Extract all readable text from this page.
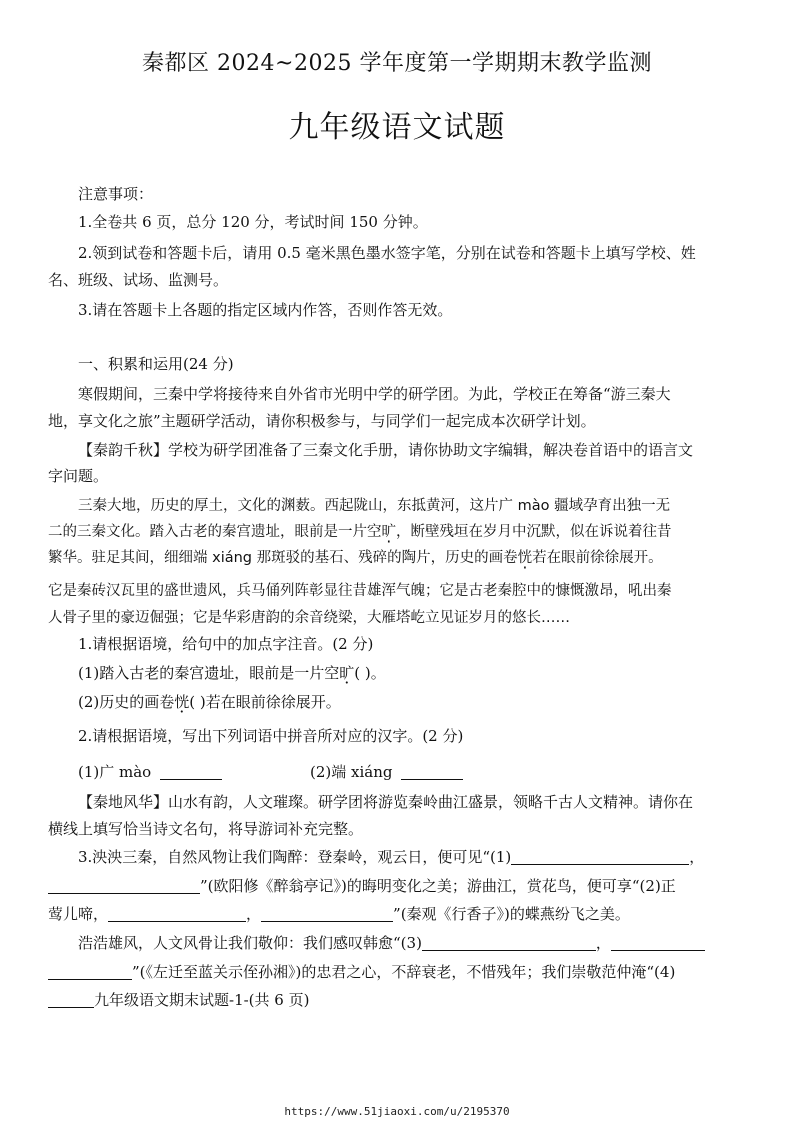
秦都区 2024~2025 学年度第一学期期末教学监测
九年级语文试题
注意事项：
1.全卷共 6 页，总分 120 分，考试时间 150 分钟。
2.领到试卷和答题卡后，请用 0.5 毫米黑色墨水签字笔，分别在试卷和答题卡上填写学校、姓
名、班级、试场、监测号。
3.请在答题卡上各题的指定区域内作答，否则作答无效。
一、积累和运用(24 分)
寒假期间，三秦中学将接待来自外省市光明中学的研学团。为此，学校正在筹备“游三秦大
地，享文化之旅”主题研学活动，请你积极参与，与同学们一起完成本次研学计划。
【秦韵千秋】学校为研学团准备了三秦文化手册，请你协助文字编辑，解决卷首语中的语言文
字问题。
三秦大地，历史的厚土，文化的渊薮。西起陇山，东抵黄河，这片广 mào 疆域孕育出独一无
二的三秦文化。踏入古老的秦宫遗址，眼前是一片空旷，断壁残垣在岁月中沉默，似在诉说着往昔
繁华。驻足其间，细细端 xiáng 那斑驳的基石、残碎的陶片，历史的画卷恍若在眼前徐徐展开。
它是秦砖汉瓦里的盛世遗风，兵马俑列阵彰显往昔雄浑气魄；它是古老秦腔中的慷慨激昂，吼出秦
人骨子里的豪迈倔强；它是华彩唐韵的余音绕梁，大雁塔屹立见证岁月的悠长……
1.请根据语境，给句中的加点字注音。(2 分)
(1)踏入古老的秦宫遗址，眼前是一片空旷( )。
(2)历史的画卷恍( )若在眼前徐徐展开。
2.请根据语境，写出下列词语中拼音所对应的汉字。(2 分)
(1)广 mào	(2)端 xiáng
【秦地风华】山水有韵，人文璀璨。研学团将游览秦岭曲江盛景，领略千古人文精神。请你在
横线上填写恰当诗文名句，将导游词补充完整。
3.泱泱三秦，自然风物让我们陶醉：登秦岭，观云日，便可见“(1)	，
”(欧阳修《醉翁亭记》)的晦明变化之美；游曲江，赏花鸟，便可享“(2)正
莺儿啼，	，	”(秦观《行香子》)的蝶燕纷飞之美。
浩浩雄风，人文风骨让我们敬仰：我们感叹韩愈“(3)	，
”(《左迁至蓝关示侄孙湘》)的忠君之心，不辞衰老，不惜残年；我们崇敬范仲淹“(4)
九年级语文期末试题-1-(共 6 页)
https://www.51jiaoxi.com/u/2195370
